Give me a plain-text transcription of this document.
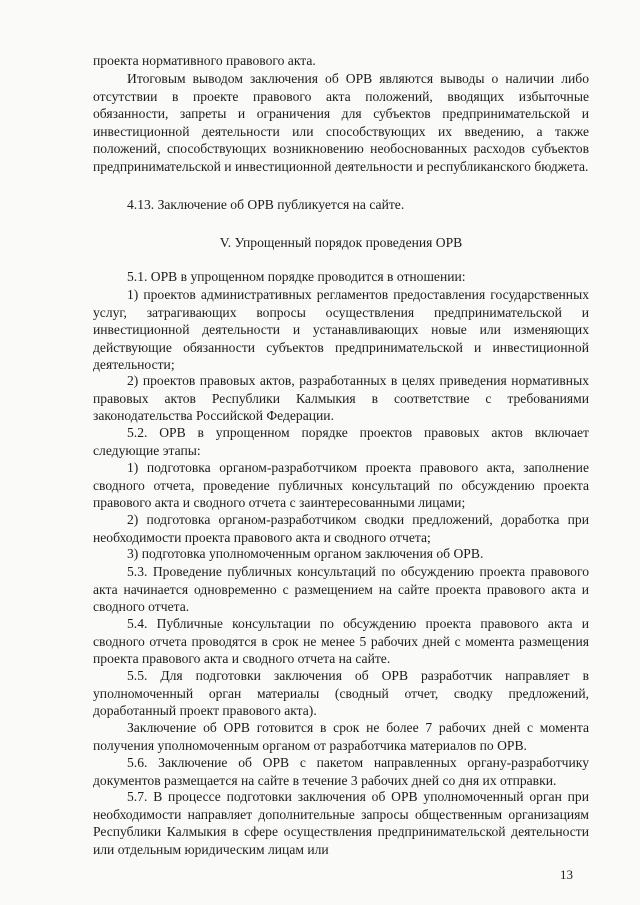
проекта нормативного правового акта.

Итоговым выводом заключения об ОРВ являются выводы о наличии либо отсутствии в проекте правового акта положений, вводящих избыточные обязанности, запреты и ограничения для субъектов предпринимательской и инвестиционной деятельности или способствующих их введению, а также положений, способствующих возникновению необоснованных расходов субъектов предпринимательской и инвестиционной деятельности и республиканского бюджета.

4.13. Заключение об ОРВ публикуется на сайте.

V. Упрощенный порядок проведения ОРВ

5.1. ОРВ в упрощенном порядке проводится в отношении:

1) проектов административных регламентов предоставления государственных услуг, затрагивающих вопросы осуществления предпринимательской и инвестиционной деятельности и устанавливающих новые или изменяющих действующие обязанности субъектов предпринимательской и инвестиционной деятельности;

2) проектов правовых актов, разработанных в целях приведения нормативных правовых актов Республики Калмыкия в соответствие с требованиями законодательства Российской Федерации.

5.2. ОРВ в упрощенном порядке проектов правовых актов включает следующие этапы:

1) подготовка органом-разработчиком проекта правового акта, заполнение сводного отчета, проведение публичных консультаций по обсуждению проекта правового акта и сводного отчета с заинтересованными лицами;

2) подготовка органом-разработчиком сводки предложений, доработка при необходимости проекта правового акта и сводного отчета;

3) подготовка уполномоченным органом заключения об ОРВ.

5.3. Проведение публичных консультаций по обсуждению проекта правового акта начинается одновременно с размещением на сайте проекта правового акта и сводного отчета.

5.4. Публичные консультации по обсуждению проекта правового акта и сводного отчета проводятся в срок не менее 5 рабочих дней с момента размещения проекта правового акта и сводного отчета на сайте.

5.5. Для подготовки заключения об ОРВ разработчик направляет в уполномоченный орган материалы (сводный отчет, сводку предложений, доработанный проект правового акта).

Заключение об ОРВ готовится в срок не более 7 рабочих дней с момента получения уполномоченным органом от разработчика материалов по ОРВ.

5.6. Заключение об ОРВ с пакетом направленных органу-разработчику документов размещается на сайте в течение 3 рабочих дней со дня их отправки.

5.7. В процессе подготовки заключения об ОРВ уполномоченный орган при необходимости направляет дополнительные запросы общественным организациям Республики Калмыкия в сфере осуществления предпринимательской деятельности или отдельным юридическим лицам или

13
